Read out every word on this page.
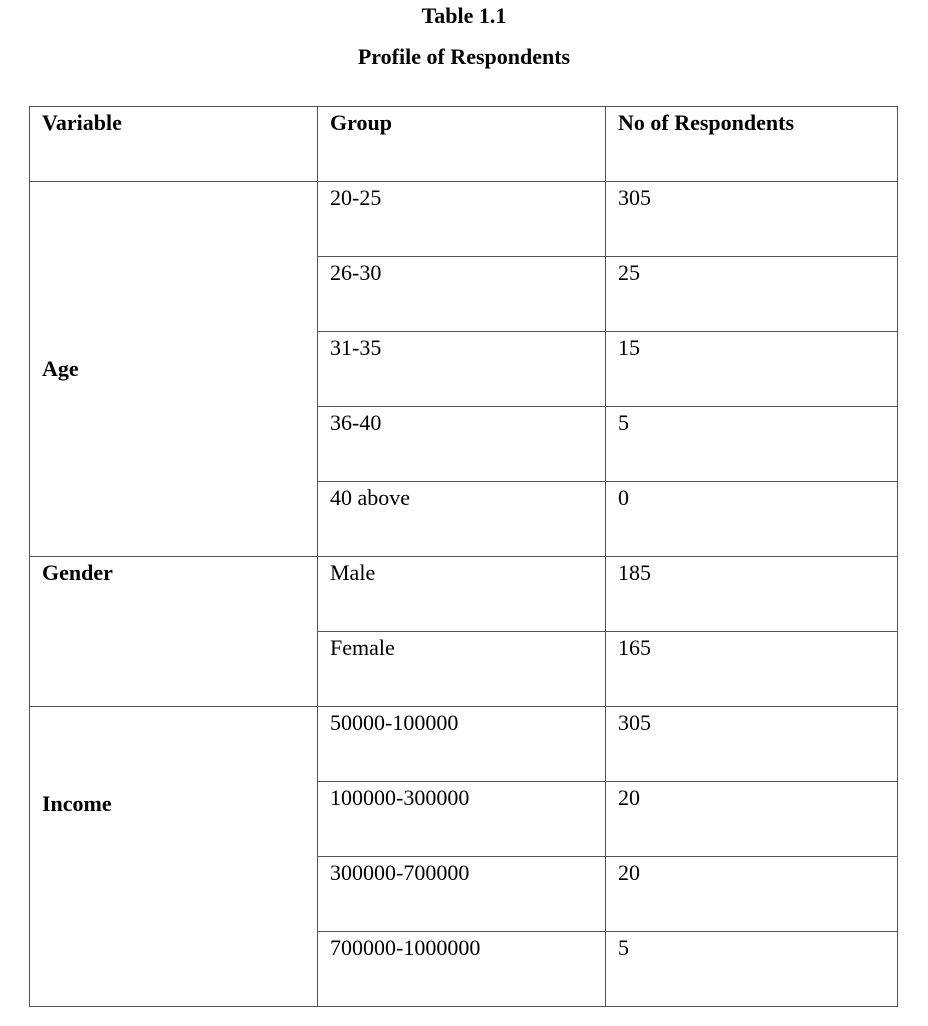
Table 1.1
Profile of Respondents
Variable	Group	No of Respondents
Age	20-25	305
	26-30	25
	31-35	15
	36-40	5
	40 above	0
Gender	Male	185
	Female	165
Income	50000-100000	305
	100000-300000	20
	300000-700000	20
	700000-1000000	5
